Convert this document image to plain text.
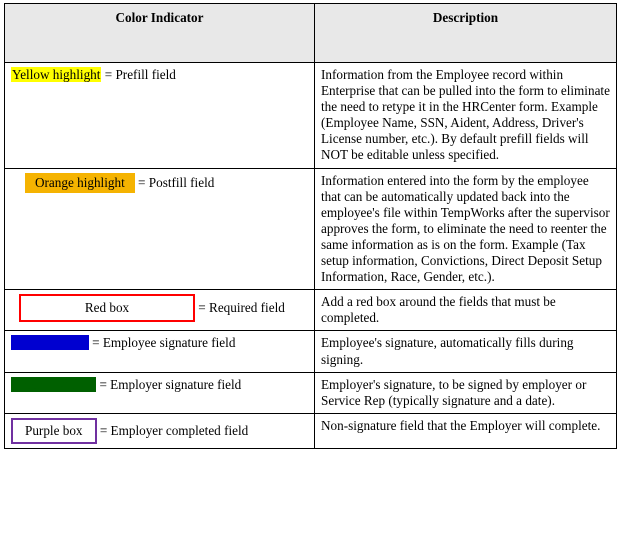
Color Indicator	Description

Yellow highlight = Prefill field	Information from the Employee record within Enterprise that can be pulled into the form to eliminate the need to retype it in the HRCenter form. Example (Employee Name, SSN, Aident, Address, Driver's License number, etc.). By default prefill fields will NOT be editable unless specified.

Orange highlight = Postfill field	Information entered into the form by the employee that can be automatically updated back into the employee's file within TempWorks after the supervisor approves the form, to eliminate the need to reenter the same information as is on the form. Example (Tax setup information, Convictions, Direct Deposit Setup Information, Race, Gender, etc.).

Red box = Required field	Add a red box around the fields that must be completed.

Blue highlight = Employee signature field	Employee's signature, automatically fills during signing.

Green highlight = Employer signature field	Employer's signature, to be signed by employer or Service Rep (typically signature and a date).

Purple box = Employer completed field	Non-signature field that the Employer will complete.
